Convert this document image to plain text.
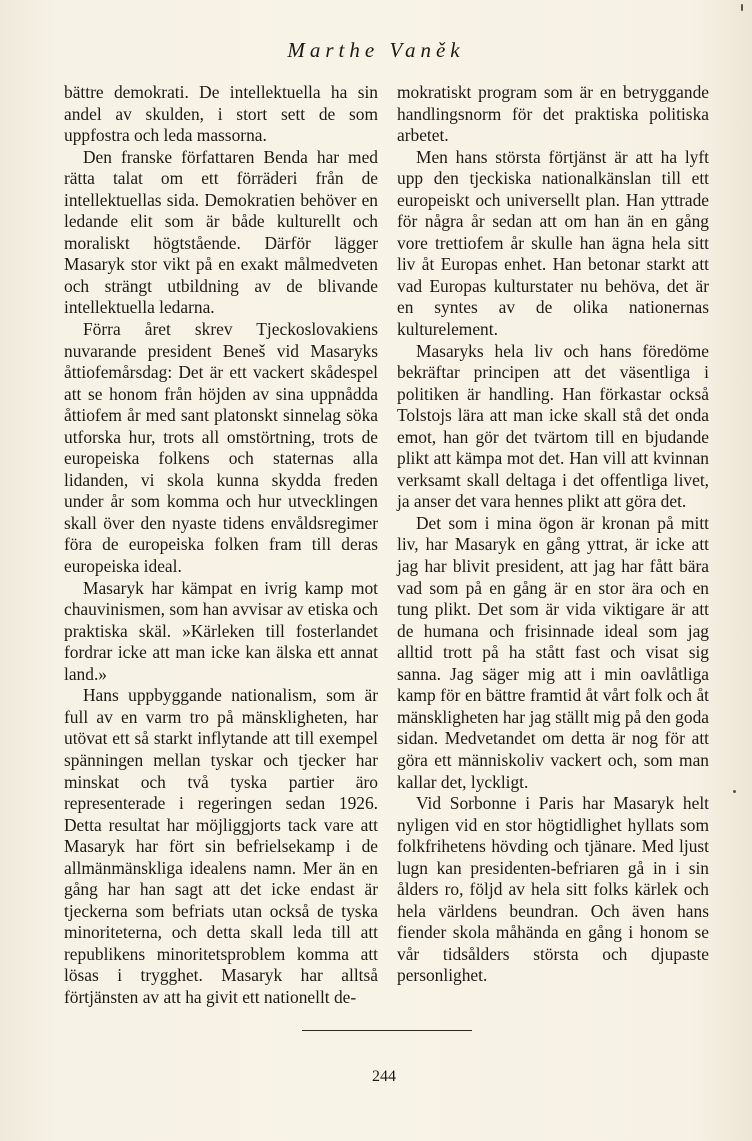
Marthe Vaněk

bättre demokrati. De intellektuella ha sin andel av skulden, i stort sett de som uppfostra och leda massorna.

Den franske författaren Benda har med rätta talat om ett förräderi från de intellektuellas sida. Demokratien behöver en ledande elit som är både kulturellt och moraliskt högtstående. Därför lägger Masaryk stor vikt på en exakt målmedveten och strängt utbildning av de blivande intellektuella ledarna.

Förra året skrev Tjeckoslovakiens nuvarande president Beneš vid Masaryks åttiofemårsdag: Det är ett vackert skådespel att se honom från höjden av sina uppnådda åttiofem år med sant platonskt sinnelag söka utforska hur, trots all omstörtning, trots de europeiska folkens och staternas alla lidanden, vi skola kunna skydda freden under år som komma och hur utvecklingen skall över den nyaste tidens envåldsregimer föra de europeiska folken fram till deras europeiska ideal.

Masaryk har kämpat en ivrig kamp mot chauvinismen, som han avvisar av etiska och praktiska skäl. »Kärleken till fosterlandet fordrar icke att man icke kan älska ett annat land.»

Hans uppbyggande nationalism, som är full av en varm tro på mänskligheten, har utövat ett så starkt inflytande att till exempel spänningen mellan tyskar och tjecker har minskat och två tyska partier äro representerade i regeringen sedan 1926. Detta resultat har möjliggjorts tack vare att Masaryk har fört sin befrielsekamp i de allmänmänskliga idealens namn. Mer än en gång har han sagt att det icke endast är tjeckerna som befriats utan också de tyska minoriteterna, och detta skall leda till att republikens minoritetsproblem komma att lösas i trygghet. Masaryk har alltså förtjänsten av att ha givit ett nationellt de-

mokratiskt program som är en betryggande handlingsnorm för det praktiska politiska arbetet.

Men hans största förtjänst är att ha lyft upp den tjeckiska nationalkänslan till ett europeiskt och universellt plan. Han yttrade för några år sedan att om han än en gång vore trettiofem år skulle han ägna hela sitt liv åt Europas enhet. Han betonar starkt att vad Europas kulturstater nu behöva, det är en syntes av de olika nationernas kulturelement.

Masaryks hela liv och hans föredöme bekräftar principen att det väsentliga i politiken är handling. Han förkastar också Tolstojs lära att man icke skall stå det onda emot, han gör det tvärtom till en bjudande plikt att kämpa mot det. Han vill att kvinnan verksamt skall deltaga i det offentliga livet, ja anser det vara hennes plikt att göra det.

Det som i mina ögon är kronan på mitt liv, har Masaryk en gång yttrat, är icke att jag har blivit president, att jag har fått bära vad som på en gång är en stor ära och en tung plikt. Det som är vida viktigare är att de humana och frisinnade ideal som jag alltid trott på ha stått fast och visat sig sanna. Jag säger mig att i min oavlåtliga kamp för en bättre framtid åt vårt folk och åt mänskligheten har jag ställt mig på den goda sidan. Medvetandet om detta är nog för att göra ett människoliv vackert och, som man kallar det, lyckligt.

Vid Sorbonne i Paris har Masaryk helt nyligen vid en stor högtidlighet hyllats som folkfrihetens hövding och tjänare. Med ljust lugn kan presidenten-befriaren gå in i sin ålders ro, följd av hela sitt folks kärlek och hela världens beundran. Och även hans fiender skola måhända en gång i honom se vår tidsålders största och djupaste personlighet.

244
